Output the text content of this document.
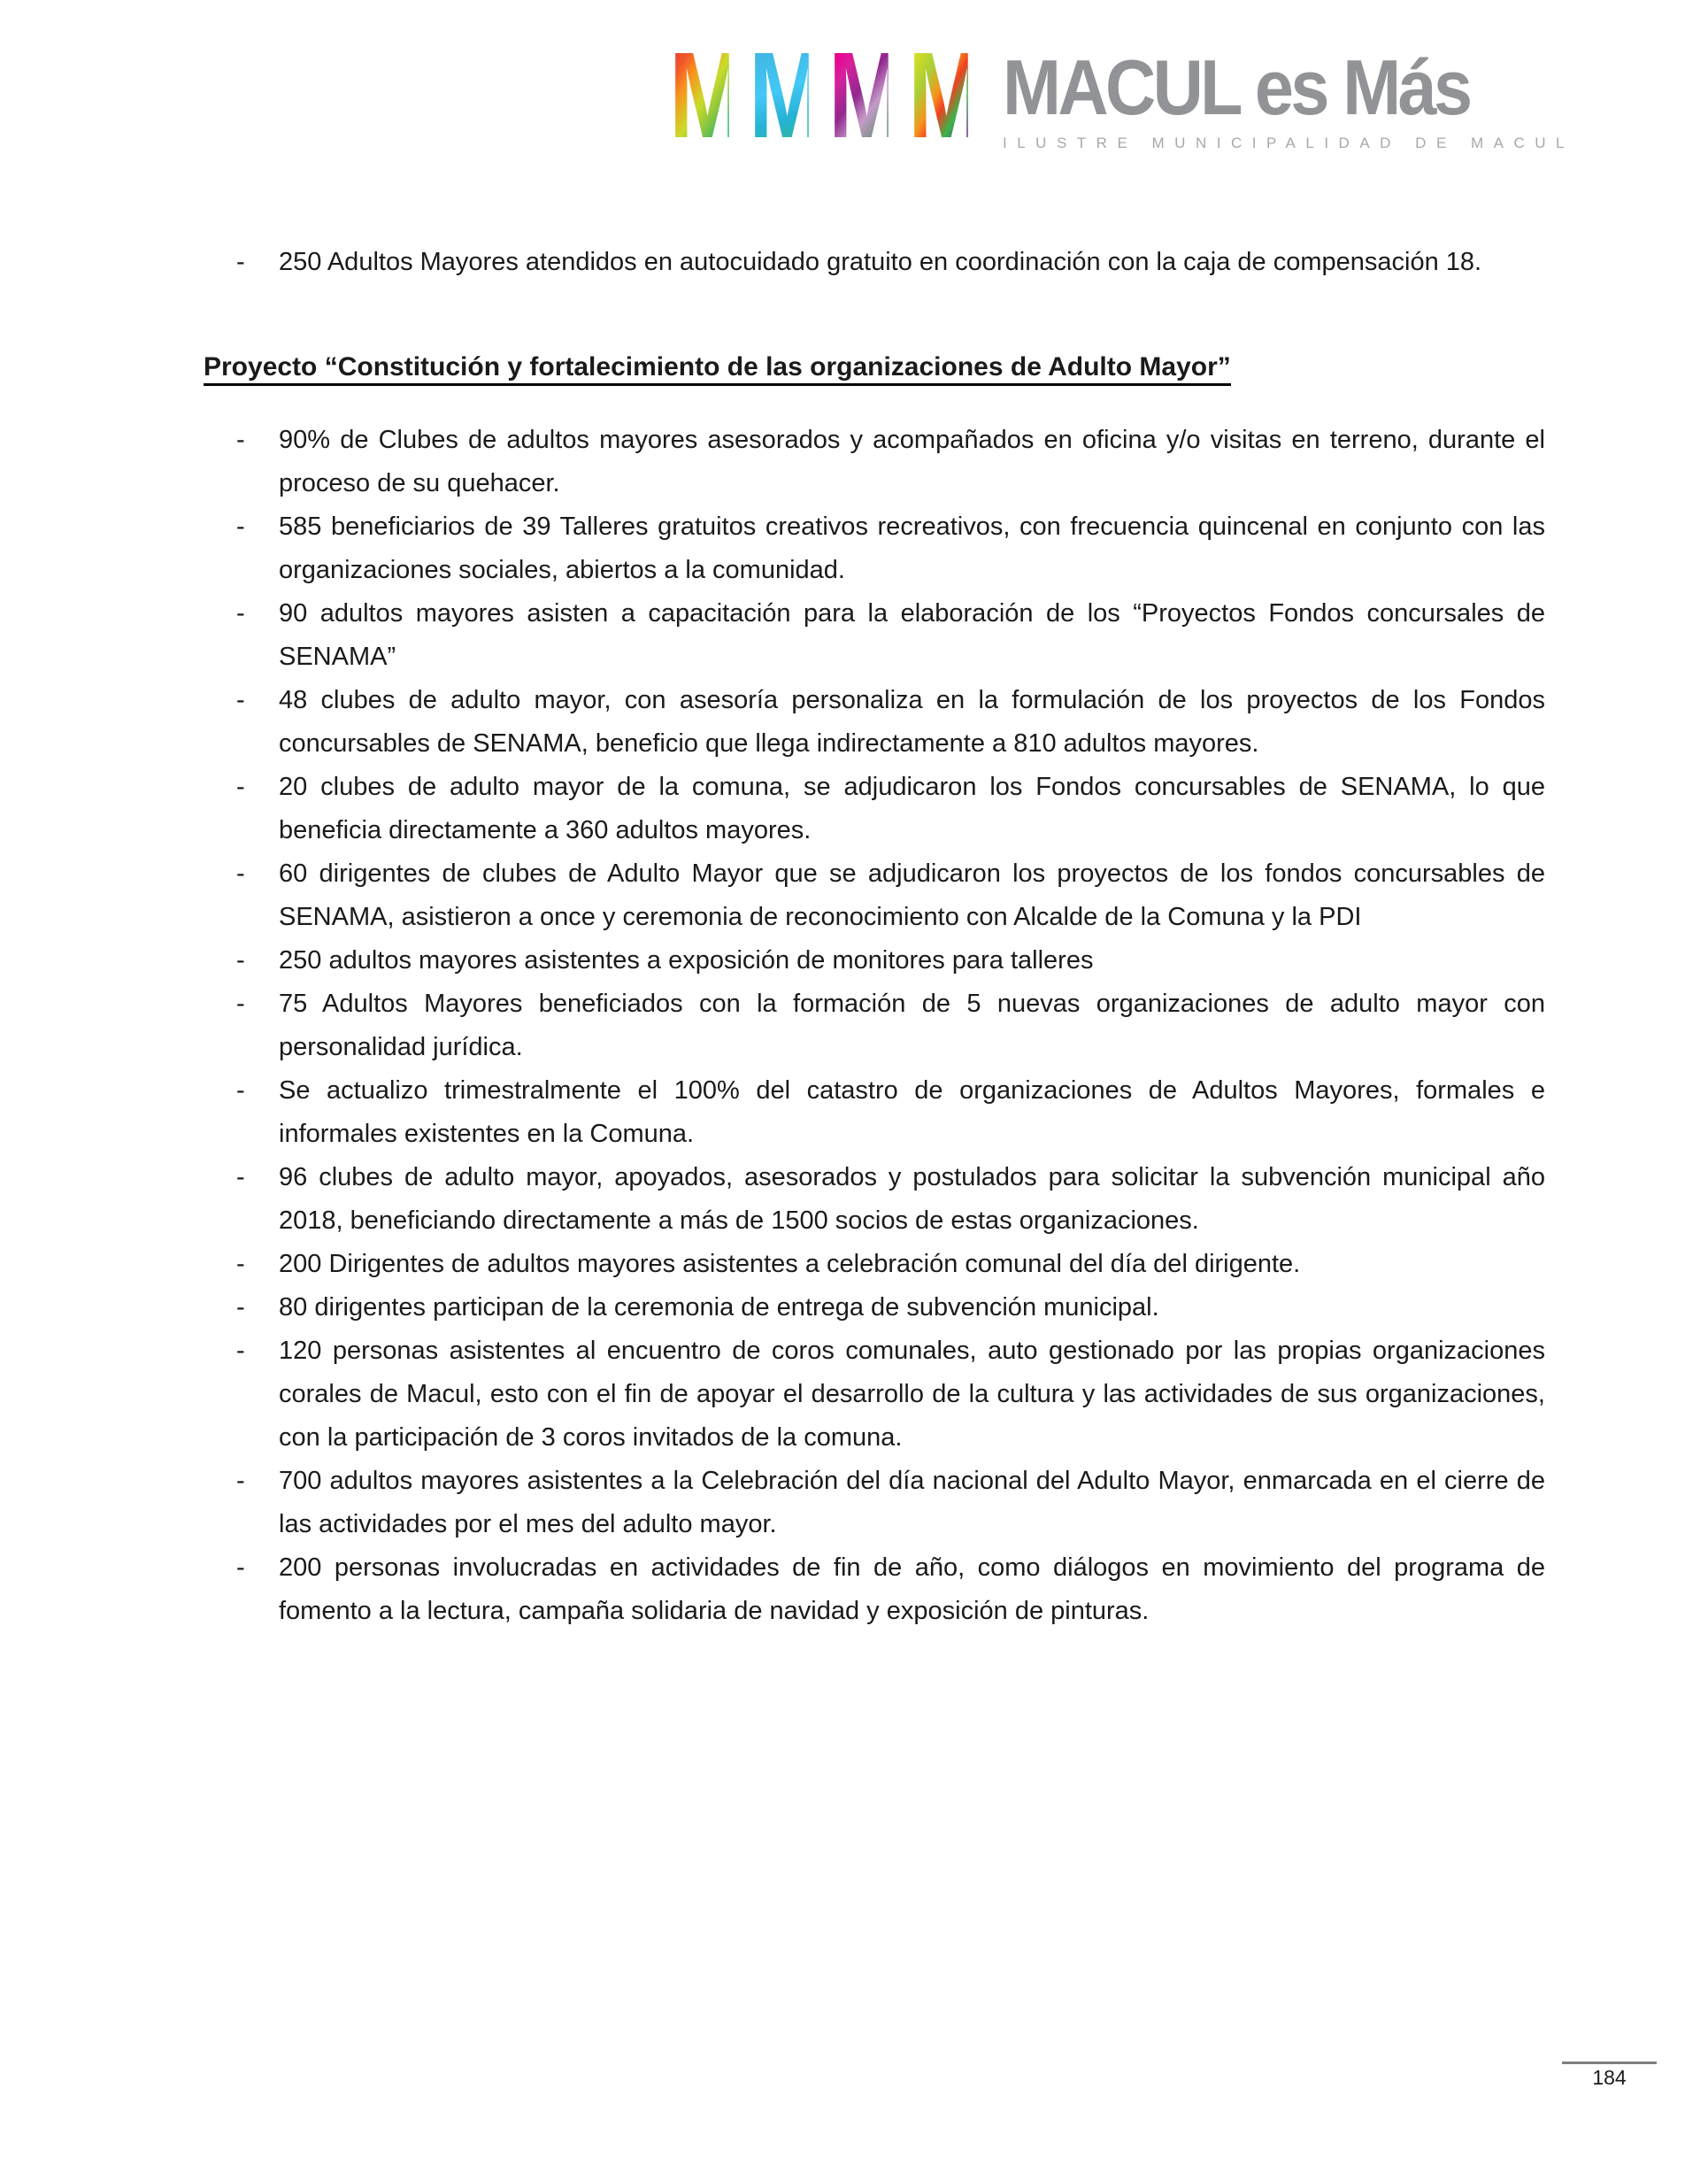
M M M M MACUL es Más
ILUSTRE MUNICIPALIDAD DE MACUL
- 250 Adultos Mayores atendidos en autocuidado gratuito en coordinación con la caja de compensación 18.
Proyecto “Constitución y fortalecimiento de las organizaciones de Adulto Mayor”
- 90% de Clubes de adultos mayores asesorados y acompañados en oficina y/o visitas en terreno, durante el proceso de su quehacer.
- 585 beneficiarios de 39 Talleres gratuitos creativos recreativos, con frecuencia quincenal en conjunto con las organizaciones sociales, abiertos a la comunidad.
- 90 adultos mayores asisten a capacitación para la elaboración de los “Proyectos Fondos concursales de SENAMA”
- 48 clubes de adulto mayor, con asesoría personaliza en la formulación de los proyectos de los Fondos concursables de SENAMA, beneficio que llega indirectamente a 810 adultos mayores.
- 20 clubes de adulto mayor de la comuna, se adjudicaron los Fondos concursables de SENAMA, lo que beneficia directamente a 360 adultos mayores.
- 60 dirigentes de clubes de Adulto Mayor que se adjudicaron los proyectos de los fondos concursables de SENAMA, asistieron a once y ceremonia de reconocimiento con Alcalde de la Comuna y la PDI
- 250 adultos mayores asistentes a exposición de monitores para talleres
- 75 Adultos Mayores beneficiados con la formación de 5 nuevas organizaciones de adulto mayor con personalidad jurídica.
- Se actualizo trimestralmente el 100% del catastro de organizaciones de Adultos Mayores, formales e informales existentes en la Comuna.
- 96 clubes de adulto mayor, apoyados, asesorados y postulados para solicitar la subvención municipal año 2018, beneficiando directamente a más de 1500 socios de estas organizaciones.
- 200 Dirigentes de adultos mayores asistentes a celebración comunal del día del dirigente.
- 80 dirigentes participan de la ceremonia de entrega de subvención municipal.
- 120 personas asistentes al encuentro de coros comunales, auto gestionado por las propias organizaciones corales de Macul, esto con el fin de apoyar el desarrollo de la cultura y las actividades de sus organizaciones, con la participación de 3 coros invitados de la comuna.
- 700 adultos mayores asistentes a la Celebración del día nacional del Adulto Mayor, enmarcada en el cierre de las actividades por el mes del adulto mayor.
- 200 personas involucradas en actividades de fin de año, como diálogos en movimiento del programa de fomento a la lectura, campaña solidaria de navidad y exposición de pinturas.
184
